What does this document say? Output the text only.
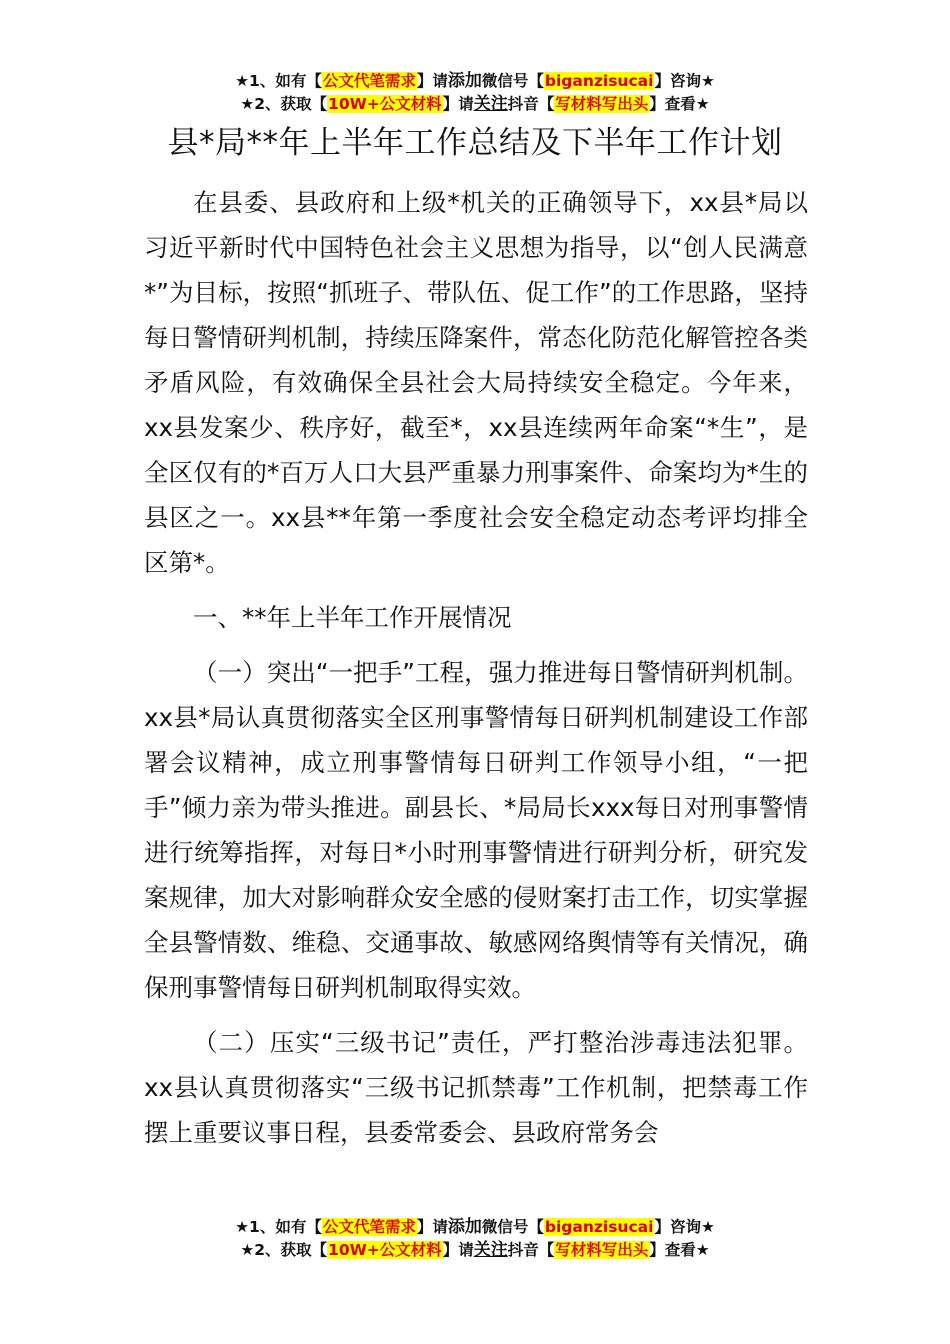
★1、如有【公文代笔需求】请添加微信号【biganzisucai】咨询★
★2、获取【10W+公文材料】请关注抖音【写材料写出头】查看★
县*局**年上半年工作总结及下半年工作计划

在县委、县政府和上级*机关的正确领导下，xx县*局以习近平新时代中国特色社会主义思想为指导，以“创人民满意*”为目标，按照“抓班子、带队伍、促工作”的工作思路，坚持每日警情研判机制，持续压降案件，常态化防范化解管控各类矛盾风险，有效确保全县社会大局持续安全稳定。今年来，xx县发案少、秩序好，截至*，xx县连续两年命案“*生”，是全区仅有的*百万人口大县严重暴力刑事案件、命案均为*生的县区之一。xx县**年第一季度社会安全稳定动态考评均排全区第*。

一、**年上半年工作开展情况

（一）突出“一把手”工程，强力推进每日警情研判机制。xx县*局认真贯彻落实全区刑事警情每日研判机制建设工作部署会议精神，成立刑事警情每日研判工作领导小组，“一把手”倾力亲为带头推进。副县长、*局局长xxx每日对刑事警情进行统筹指挥，对每日*小时刑事警情进行研判分析，研究发案规律，加大对影响群众安全感的侵财案打击工作，切实掌握全县警情数、维稳、交通事故、敏感网络舆情等有关情况，确保刑事警情每日研判机制取得实效。

（二）压实“三级书记”责任，严打整治涉毒违法犯罪。xx县认真贯彻落实“三级书记抓禁毒”工作机制，把禁毒工作摆上重要议事日程，县委常委会、县政府常务会

★1、如有【公文代笔需求】请添加微信号【biganzisucai】咨询★
★2、获取【10W+公文材料】请关注抖音【写材料写出头】查看★
